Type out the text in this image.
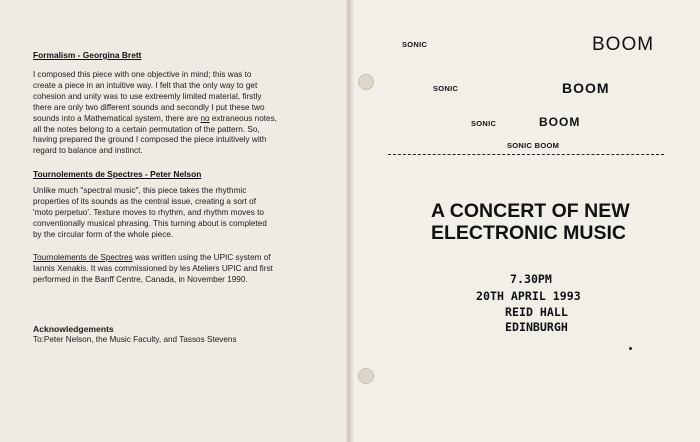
Formalism - Georgina Brett
I composed this piece with one objective in mind; this was to
create a piece in an intuitive way. I felt that the only way to get
cohesion and unity was to use extreemly limited material, firstly
there are only two different sounds and secondly I put these two
sounds into a Mathematical system, there are no extraneous notes,
all the notes belong to a certain permutation of the pattern. So,
having prepared the ground I composed the piece intuitively with
regard to balance and instinct.
Tournolements de Spectres - Peter Nelson
Unlike much "spectral music", this piece takes the rhythmic
properties of its sounds as the central issue, creating a sort of
'moto perpetuo'. Texture moves to rhythm, and rhythm moves to
conventionally musical phrasing. This turning about is completed
by the circular form of the whole piece.
Tournolements de Spectres was written using the UPIC system of
Iannis Xenakis. It was commissioned by les Ateliers UPIC and first
performed in the Banff Centre, Canada, in November 1990.
Acknowledgements
To:Peter Nelson, the Music Faculty, and Tassos Stevens
SONIC	BOOM
SONIC	BOOM
SONIC	BOOM
SONIC BOOM
A CONCERT OF NEW
ELECTRONIC MUSIC
7.30PM
20TH APRIL 1993
REID HALL
EDINBURGH
